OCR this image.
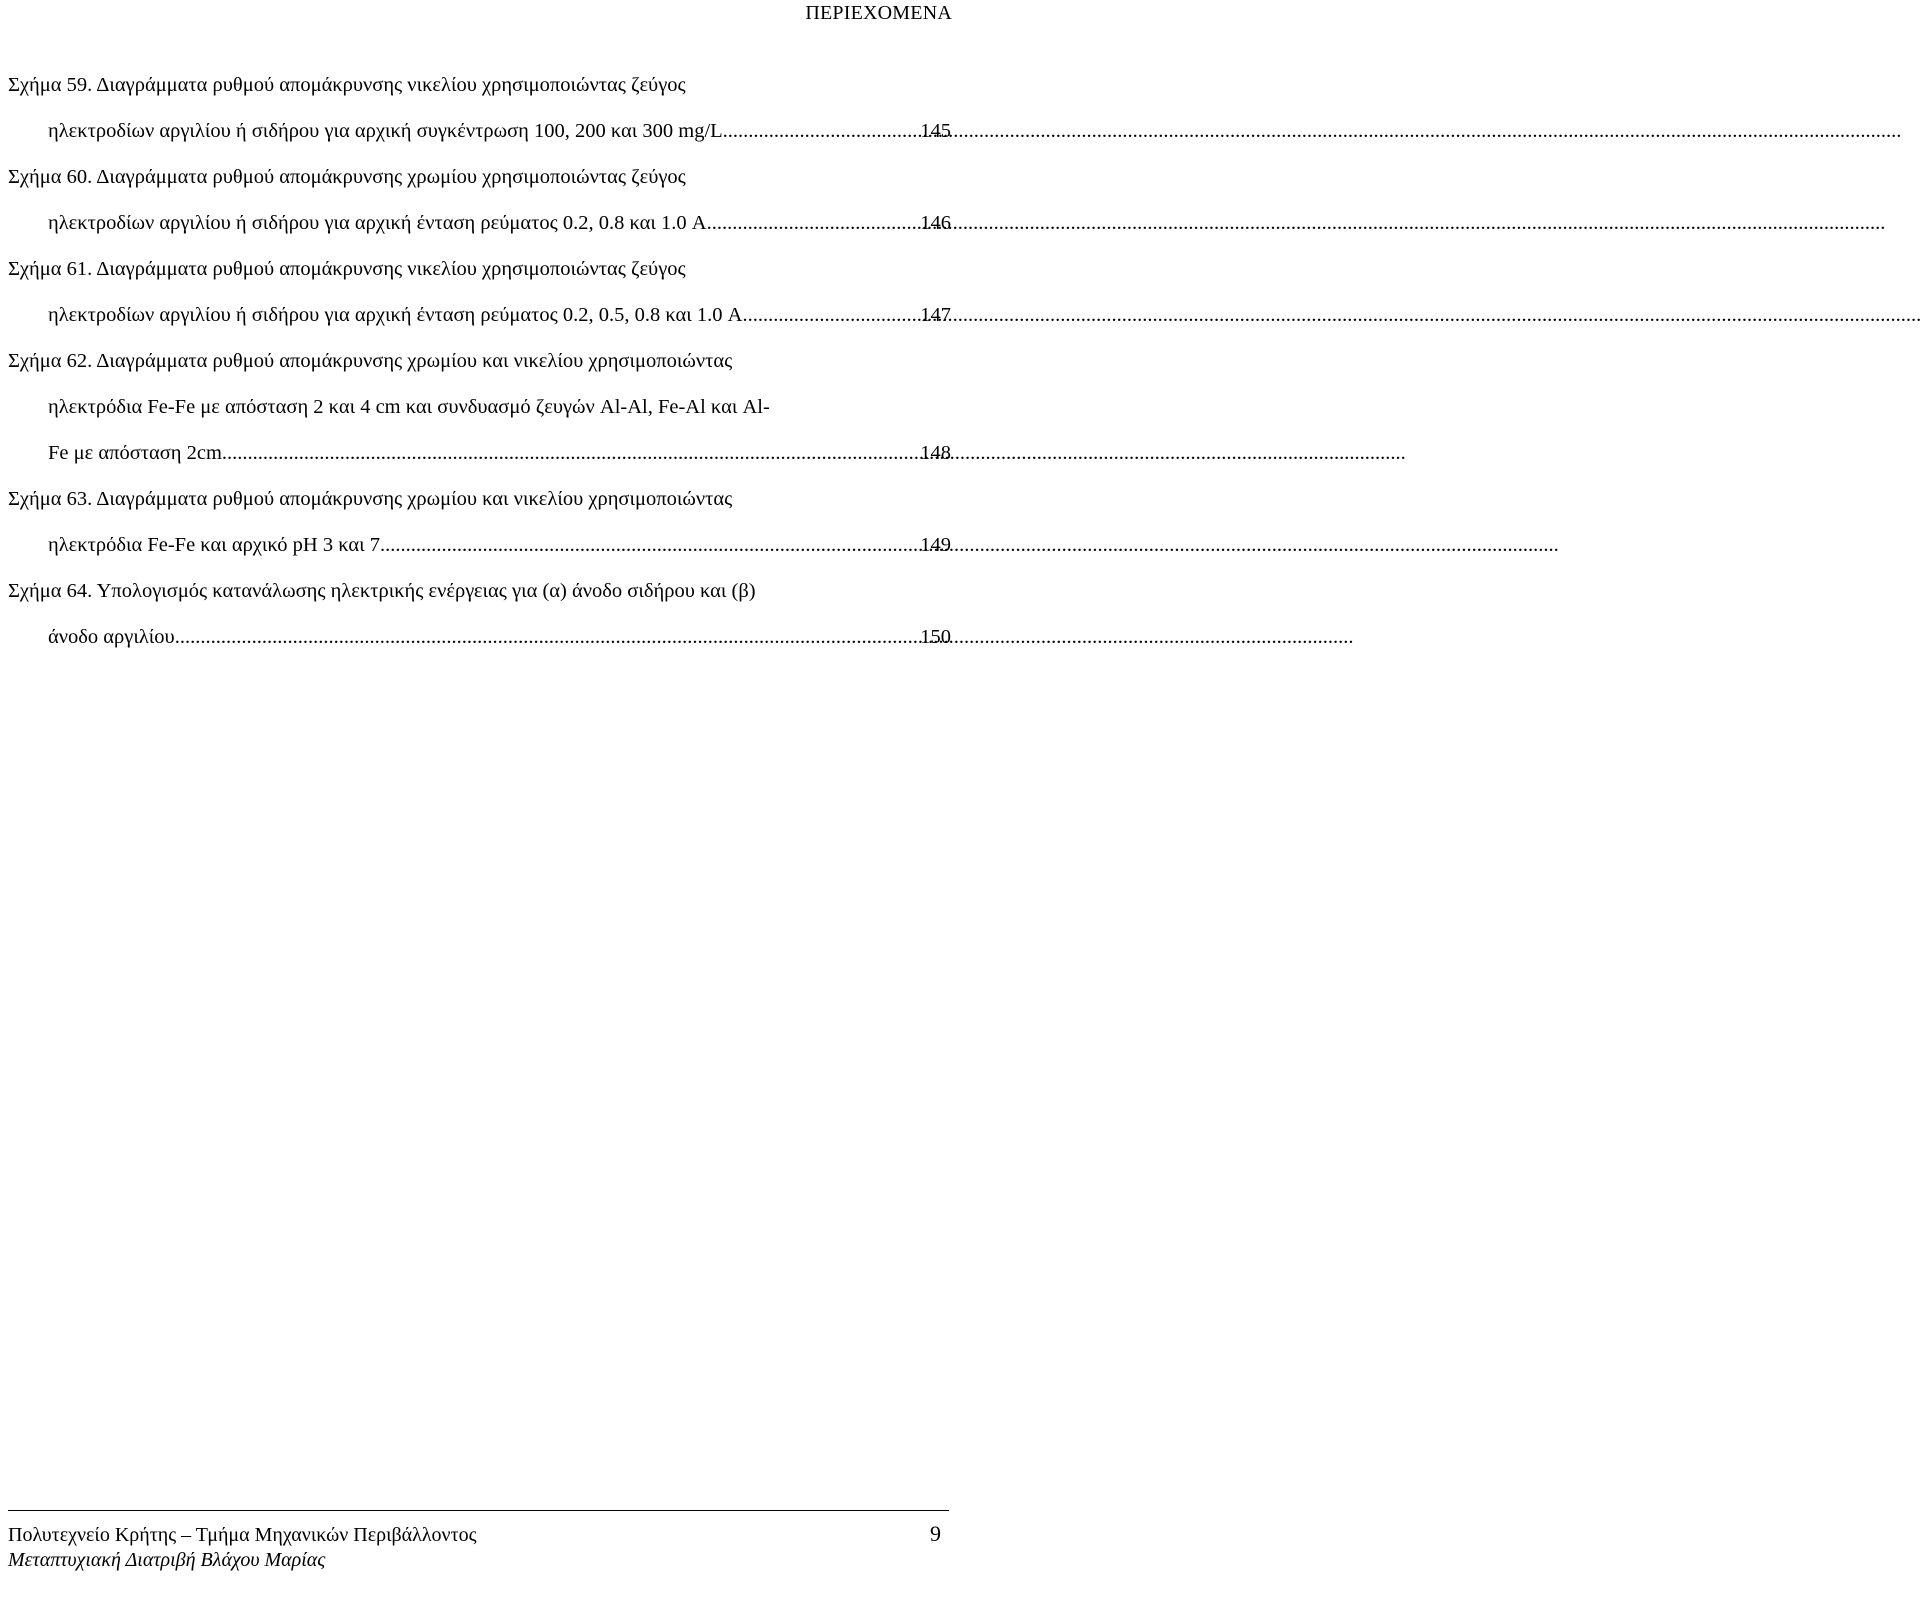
ΠΕΡΙΕΧΟΜΕΝΑ
Σχήμα 59. Διαγράμματα ρυθμού απομάκρυνσης νικελίου χρησιμοποιώντας ζεύγος
ηλεκτροδίων αργιλίου ή σιδήρου για αρχική συγκέντρωση 100, 200 και 300 mg/L .....	145
Σχήμα 60. Διαγράμματα ρυθμού απομάκρυνσης χρωμίου χρησιμοποιώντας ζεύγος
ηλεκτροδίων αργιλίου ή σιδήρου για αρχική ένταση ρεύματος 0.2, 0.8 και 1.0 A .....	146
Σχήμα 61. Διαγράμματα ρυθμού απομάκρυνσης νικελίου χρησιμοποιώντας ζεύγος
ηλεκτροδίων αργιλίου ή σιδήρου για αρχική ένταση ρεύματος 0.2, 0.5, 0.8 και 1.0 A .....	147
Σχήμα 62. Διαγράμματα ρυθμού απομάκρυνσης χρωμίου και νικελίου χρησιμοποιώντας
ηλεκτρόδια Fe-Fe με απόσταση 2 και 4 cm και συνδυασμό ζευγών Al-Al, Fe-Al και Al-
Fe με απόσταση 2cm. .....	148
Σχήμα 63. Διαγράμματα ρυθμού απομάκρυνσης χρωμίου και νικελίου χρησιμοποιώντας
ηλεκτρόδια Fe-Fe και αρχικό pH 3 και 7 .....	149
Σχήμα 64. Υπολογισμός κατανάλωσης ηλεκτρικής ενέργειας για (α) άνοδο σιδήρου και (β)
άνοδο αργιλίου .....	150
Πολυτεχνείο Κρήτης – Τμήμα Μηχανικών Περιβάλλοντος	9
Μεταπτυχιακή Διατριβή Βλάχου Μαρίας
